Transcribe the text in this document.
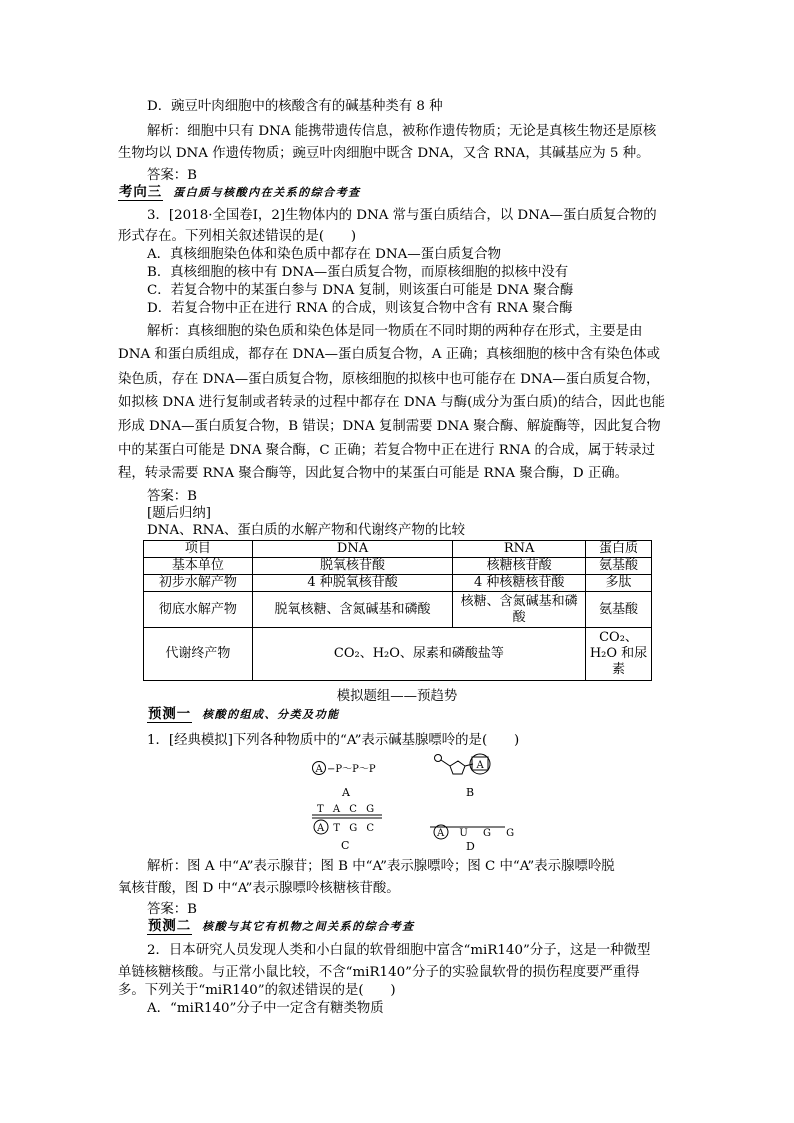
D．豌豆叶肉细胞中的核酸含有的碱基种类有 8 种
解析：细胞中只有 DNA 能携带遗传信息，被称作遗传物质；无论是真核生物还是原核
生物均以 DNA 作遗传物质；豌豆叶肉细胞中既含 DNA，又含 RNA，其碱基应为 5 种。
答案：B
考向三 蛋白质与核酸内在关系的综合考查
3．[2018·全国卷Ⅰ，2]生物体内的 DNA 常与蛋白质结合，以 DNA—蛋白质复合物的
形式存在。下列相关叙述错误的是(　　)
A．真核细胞染色体和染色质中都存在 DNA—蛋白质复合物
B．真核细胞的核中有 DNA—蛋白质复合物，而原核细胞的拟核中没有
C．若复合物中的某蛋白参与 DNA 复制，则该蛋白可能是 DNA 聚合酶
D．若复合物中正在进行 RNA 的合成，则该复合物中含有 RNA 聚合酶
解析：真核细胞的染色质和染色体是同一物质在不同时期的两种存在形式，主要是由
DNA 和蛋白质组成，都存在 DNA—蛋白质复合物，A 正确；真核细胞的核中含有染色体或
染色质，存在 DNA—蛋白质复合物，原核细胞的拟核中也可能存在 DNA—蛋白质复合物，
如拟核 DNA 进行复制或者转录的过程中都存在 DNA 与酶(成分为蛋白质)的结合，因此也能
形成 DNA—蛋白质复合物，B 错误；DNA 复制需要 DNA 聚合酶、解旋酶等，因此复合物
中的某蛋白可能是 DNA 聚合酶，C 正确；若复合物中正在进行 RNA 的合成，属于转录过
程，转录需要 RNA 聚合酶等，因此复合物中的某蛋白可能是 RNA 聚合酶，D 正确。
答案：B
[题后归纳]
DNA、RNA、蛋白质的水解产物和代谢终产物的比较
项目	DNA	RNA	蛋白质
基本单位	脱氧核苷酸	核糖核苷酸	氨基酸
初步水解产物	4 种脱氧核苷酸	4 种核糖核苷酸	多肽
彻底水解产物	脱氧核糖、含氮碱基和磷酸	核糖、含氮碱基和磷酸	氨基酸
代谢终产物	CO₂、H₂O、尿素和磷酸盐等		CO₂、H₂O 和尿素
模拟题组——预趋势
预测一 核酸的组成、分类及功能
1．[经典模拟]下列各种物质中的“A”表示碱基腺嘌呤的是(　　)
A −P～P～P
A
A
B
T A C G
A T G C
C
A U G G
D
解析：图 A 中“A”表示腺苷；图 B 中“A”表示腺嘌呤；图 C 中“A”表示腺嘌呤脱
氧核苷酸，图 D 中“A”表示腺嘌呤核糖核苷酸。
答案：B
预测二 核酸与其它有机物之间关系的综合考查
2．日本研究人员发现人类和小白鼠的软骨细胞中富含“miR140”分子，这是一种微型
单链核糖核酸。与正常小鼠比较，不含“miR140”分子的实验鼠软骨的损伤程度要严重得
多。下列关于“miR140”的叙述错误的是(　　)
A．“miR140”分子中一定含有糖类物质
